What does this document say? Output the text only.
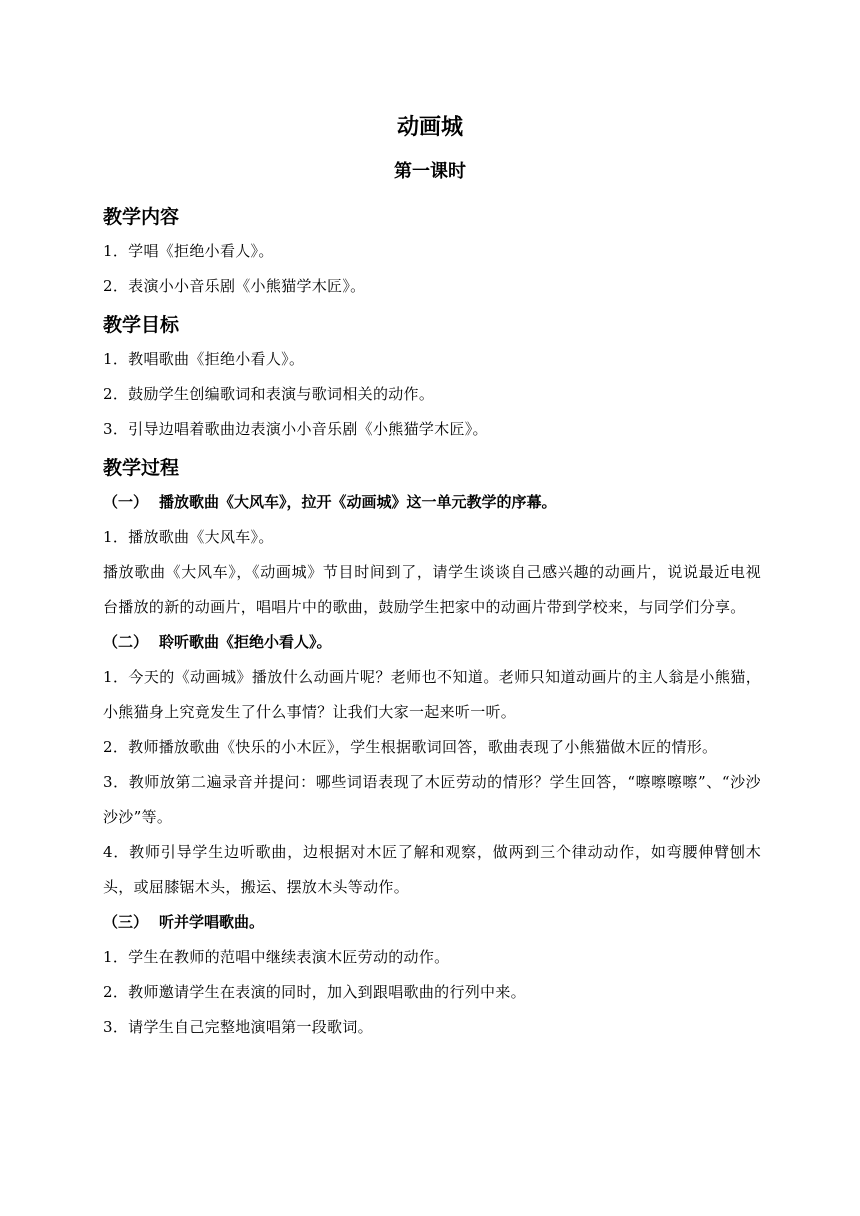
动画城
第一课时
教学内容

1．学唱《拒绝小看人》。

2．表演小小音乐剧《小熊猫学木匠》。

教学目标

1．教唱歌曲《拒绝小看人》。

2．鼓励学生创编歌词和表演与歌词相关的动作。

3．引导边唱着歌曲边表演小小音乐剧《小熊猫学木匠》。

教学过程

（一） 播放歌曲《大风车》，拉开《动画城》这一单元教学的序幕。

1．播放歌曲《大风车》。

播放歌曲《大风车》，《动画城》节目时间到了，请学生谈谈自己感兴趣的动画片，说说最近电视台播放的新的动画片，唱唱片中的歌曲，鼓励学生把家中的动画片带到学校来，与同学们分享。

（二） 聆听歌曲《拒绝小看人》。

1．今天的《动画城》播放什么动画片呢？老师也不知道。老师只知道动画片的主人翁是小熊猫，小熊猫身上究竟发生了什么事情？让我们大家一起来听一听。

2．教师播放歌曲《快乐的小木匠》，学生根据歌词回答，歌曲表现了小熊猫做木匠的情形。

3．教师放第二遍录音并提问：哪些词语表现了木匠劳动的情形？学生回答，“嚓嚓嚓嚓”、“沙沙沙沙”等。

4．教师引导学生边听歌曲，边根据对木匠了解和观察，做两到三个律动动作，如弯腰伸臂刨木头，或屈膝锯木头，搬运、摆放木头等动作。

（三） 听并学唱歌曲。

1．学生在教师的范唱中继续表演木匠劳动的动作。

2．教师邀请学生在表演的同时，加入到跟唱歌曲的行列中来。

3．请学生自己完整地演唱第一段歌词。
